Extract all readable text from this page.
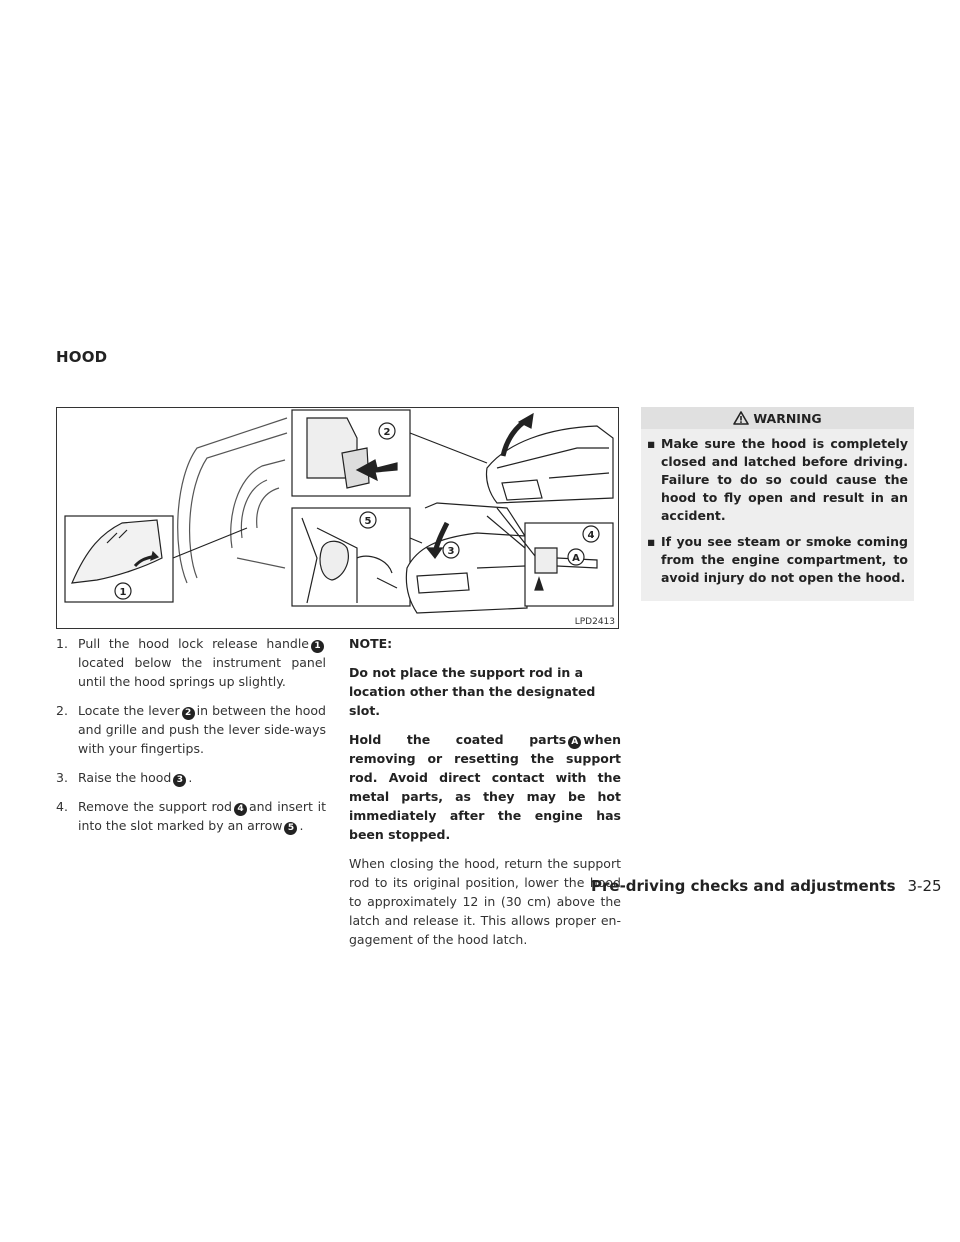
HOOD
1
2
3
4
5
A
LPD2413
1. Pull the hood lock release handle 1located below the instrument panel until the hood springs up slightly.
2. Locate the lever 2 in between the hood and grille and push the lever side-ways with your fingertips.
3. Raise the hood 3 .
4. Remove the support rod 4 and insert it into the slot marked by an arrow 5 .

NOTE:

Do not place the support rod in a location other than the designated slot.

Hold the coated parts A when removing or resetting the support rod. Avoid direct contact with the metal parts, as they may be hot immediately after the engine has been stopped.

When closing the hood, return the support rod to its original position, lower the hood to approximately 12 in (30 cm) above the latch and release it. This allows proper en-gagement of the hood latch.

WARNING
▪ Make sure the hood is completely closed and latched before driving. Failure to do so could cause the hood to fly open and result in an accident.
▪ If you see steam or smoke coming from the engine compartment, to avoid injury do not open the hood.
Pre-driving checks and adjustments 3-25
